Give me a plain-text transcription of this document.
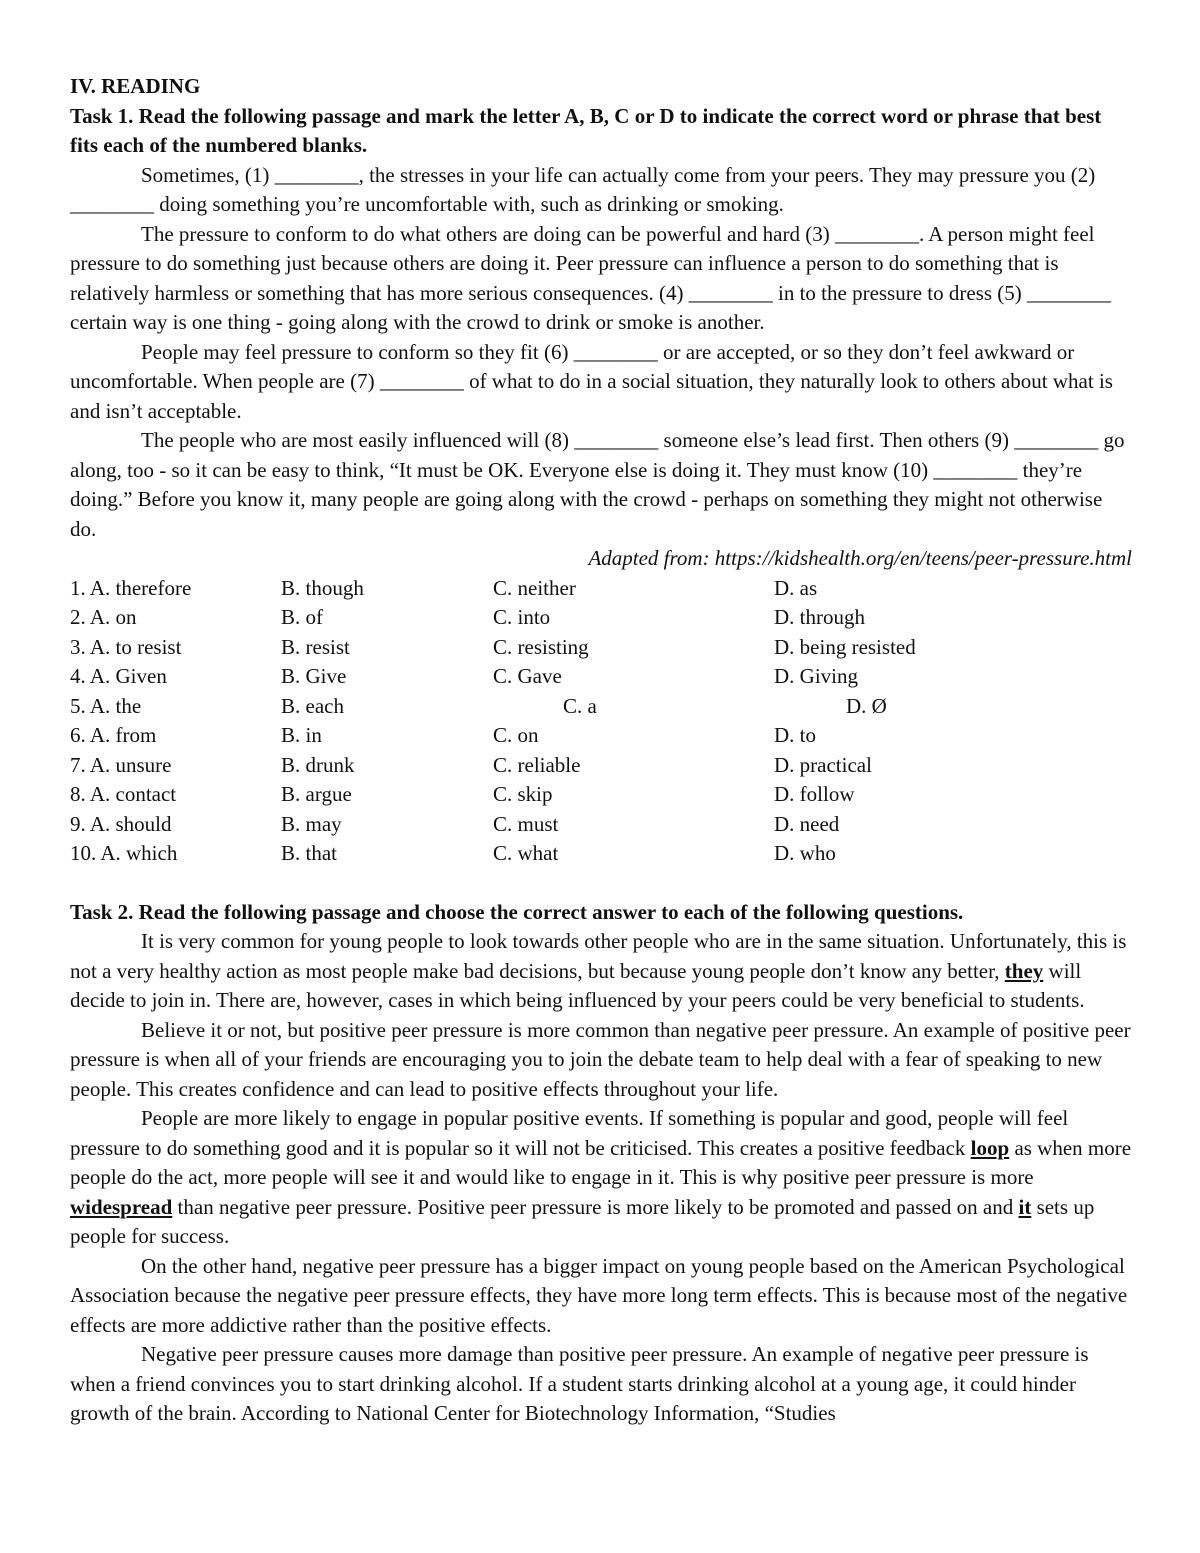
IV. READING

Task 1. Read the following passage and mark the letter A, B, C or D to indicate the correct word or phrase that best fits each of the numbered blanks.

Sometimes, (1) ________, the stresses in your life can actually come from your peers. They may pressure you (2) ________ doing something you’re uncomfortable with, such as drinking or smoking.

The pressure to conform to do what others are doing can be powerful and hard (3) ________. A person might feel pressure to do something just because others are doing it. Peer pressure can influence a person to do something that is relatively harmless or something that has more serious consequences. (4) ________ in to the pressure to dress (5) ________ certain way is one thing - going along with the crowd to drink or smoke is another.

People may feel pressure to conform so they fit (6) ________ or are accepted, or so they don’t feel awkward or uncomfortable. When people are (7) ________ of what to do in a social situation, they naturally look to others about what is and isn’t acceptable.

The people who are most easily influenced will (8) ________ someone else’s lead first. Then others (9) ________ go along, too - so it can be easy to think, “It must be OK. Everyone else is doing it. They must know (10) ________ they’re doing.” Before you know it, many people are going along with the crowd - perhaps on something they might not otherwise do.

Adapted from: https://kidshealth.org/en/teens/peer-pressure.html

1. A. therefore	B. though	C. neither	D. as
2. A. on	B. of	C. into	D. through
3. A. to resist	B. resist	C. resisting	D. being resisted
4. A. Given	B. Give	C. Gave	D. Giving
5. A. the	B. each	C. a	D. Ø
6. A. from	B. in	C. on	D. to
7. A. unsure	B. drunk	C. reliable	D. practical
8. A. contact	B. argue	C. skip	D. follow
9. A. should	B. may	C. must	D. need
10. A. which	B. that	C. what	D. who

Task 2. Read the following passage and choose the correct answer to each of the following questions.

It is very common for young people to look towards other people who are in the same situation. Unfortunately, this is not a very healthy action as most people make bad decisions, but because young people don’t know any better, they will decide to join in. There are, however, cases in which being influenced by your peers could be very beneficial to students.

Believe it or not, but positive peer pressure is more common than negative peer pressure. An example of positive peer pressure is when all of your friends are encouraging you to join the debate team to help deal with a fear of speaking to new people. This creates confidence and can lead to positive effects throughout your life.

People are more likely to engage in popular positive events. If something is popular and good, people will feel pressure to do something good and it is popular so it will not be criticised. This creates a positive feedback loop as when more people do the act, more people will see it and would like to engage in it. This is why positive peer pressure is more widespread than negative peer pressure. Positive peer pressure is more likely to be promoted and passed on and it sets up people for success.

On the other hand, negative peer pressure has a bigger impact on young people based on the American Psychological Association because the negative peer pressure effects, they have more long term effects. This is because most of the negative effects are more addictive rather than the positive effects.

Negative peer pressure causes more damage than positive peer pressure. An example of negative peer pressure is when a friend convinces you to start drinking alcohol. If a student starts drinking alcohol at a young age, it could hinder growth of the brain. According to National Center for Biotechnology Information, “Studies
